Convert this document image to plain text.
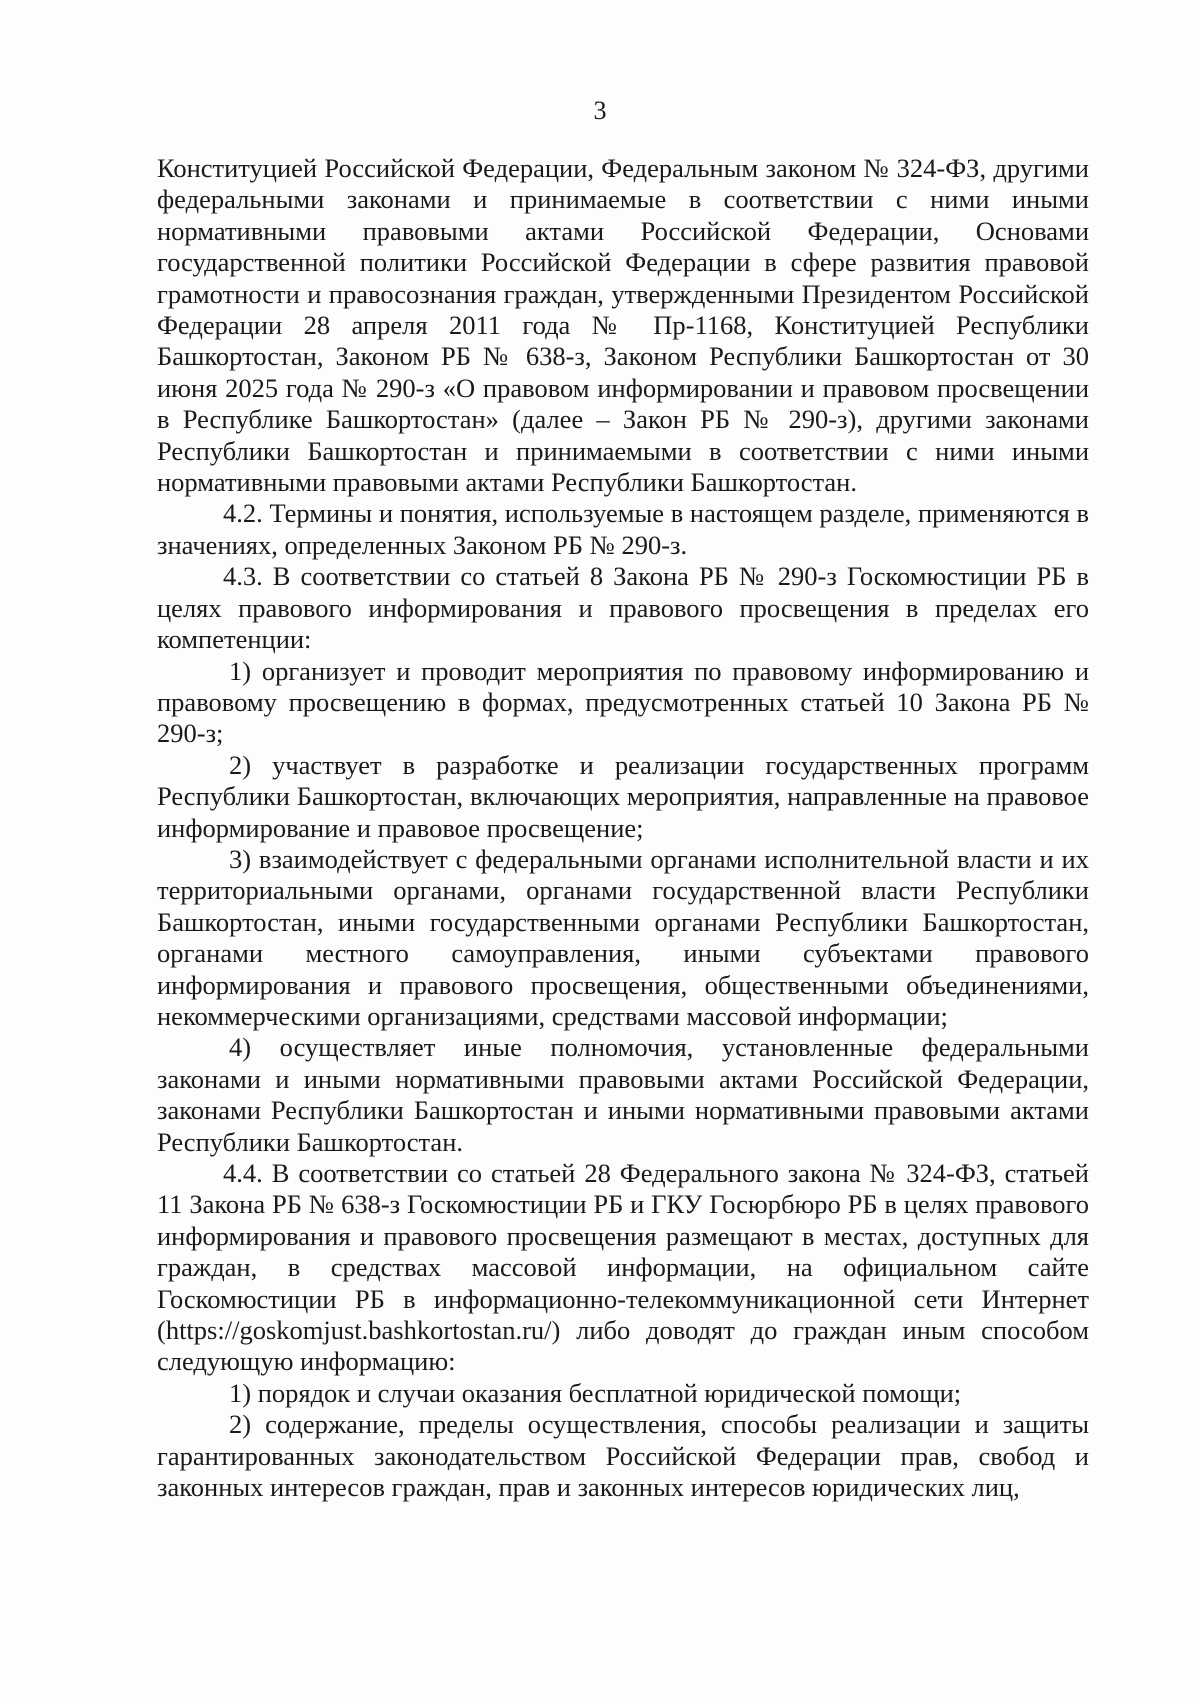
3

Конституцией Российской Федерации, Федеральным законом № 324-ФЗ, другими федеральными законами и принимаемые в соответствии с ними иными нормативными правовыми актами Российской Федерации, Основами государственной политики Российской Федерации в сфере развития правовой грамотности и правосознания граждан, утвержденными Президентом Российской Федерации 28 апреля 2011 года № Пр-1168, Конституцией Республики Башкортостан, Законом РБ № 638-з, Законом Республики Башкортостан от 30 июня 2025 года № 290-з «О правовом информировании и правовом просвещении в Республике Башкортостан» (далее – Закон РБ № 290-з), другими законами Республики Башкортостан и принимаемыми в соответствии с ними иными нормативными правовыми актами Республики Башкортостан.

4.2. Термины и понятия, используемые в настоящем разделе, применяются в значениях, определенных Законом РБ № 290-з.

4.3. В соответствии со статьей 8 Закона РБ № 290-з Госкомюстиции РБ в целях правового информирования и правового просвещения в пределах его компетенции:

1) организует и проводит мероприятия по правовому информированию и правовому просвещению в формах, предусмотренных статьей 10 Закона РБ № 290-з;

2) участвует в разработке и реализации государственных программ Республики Башкортостан, включающих мероприятия, направленные на правовое информирование и правовое просвещение;

3) взаимодействует с федеральными органами исполнительной власти и их территориальными органами, органами государственной власти Республики Башкортостан, иными государственными органами Республики Башкортостан, органами местного самоуправления, иными субъектами правового информирования и правового просвещения, общественными объединениями, некоммерческими организациями, средствами массовой информации;

4) осуществляет иные полномочия, установленные федеральными законами и иными нормативными правовыми актами Российской Федерации, законами Республики Башкортостан и иными нормативными правовыми актами Республики Башкортостан.

4.4. В соответствии со статьей 28 Федерального закона № 324-ФЗ, статьей 11 Закона РБ № 638-з Госкомюстиции РБ и ГКУ Госюрбюро РБ в целях правового информирования и правового просвещения размещают в местах, доступных для граждан, в средствах массовой информации, на официальном сайте Госкомюстиции РБ в информационно-телекоммуникационной сети Интернет (https://goskomjust.bashkortostan.ru/) либо доводят до граждан иным способом следующую информацию:

1) порядок и случаи оказания бесплатной юридической помощи;

2) содержание, пределы осуществления, способы реализации и защиты гарантированных законодательством Российской Федерации прав, свобод и законных интересов граждан, прав и законных интересов юридических лиц,
